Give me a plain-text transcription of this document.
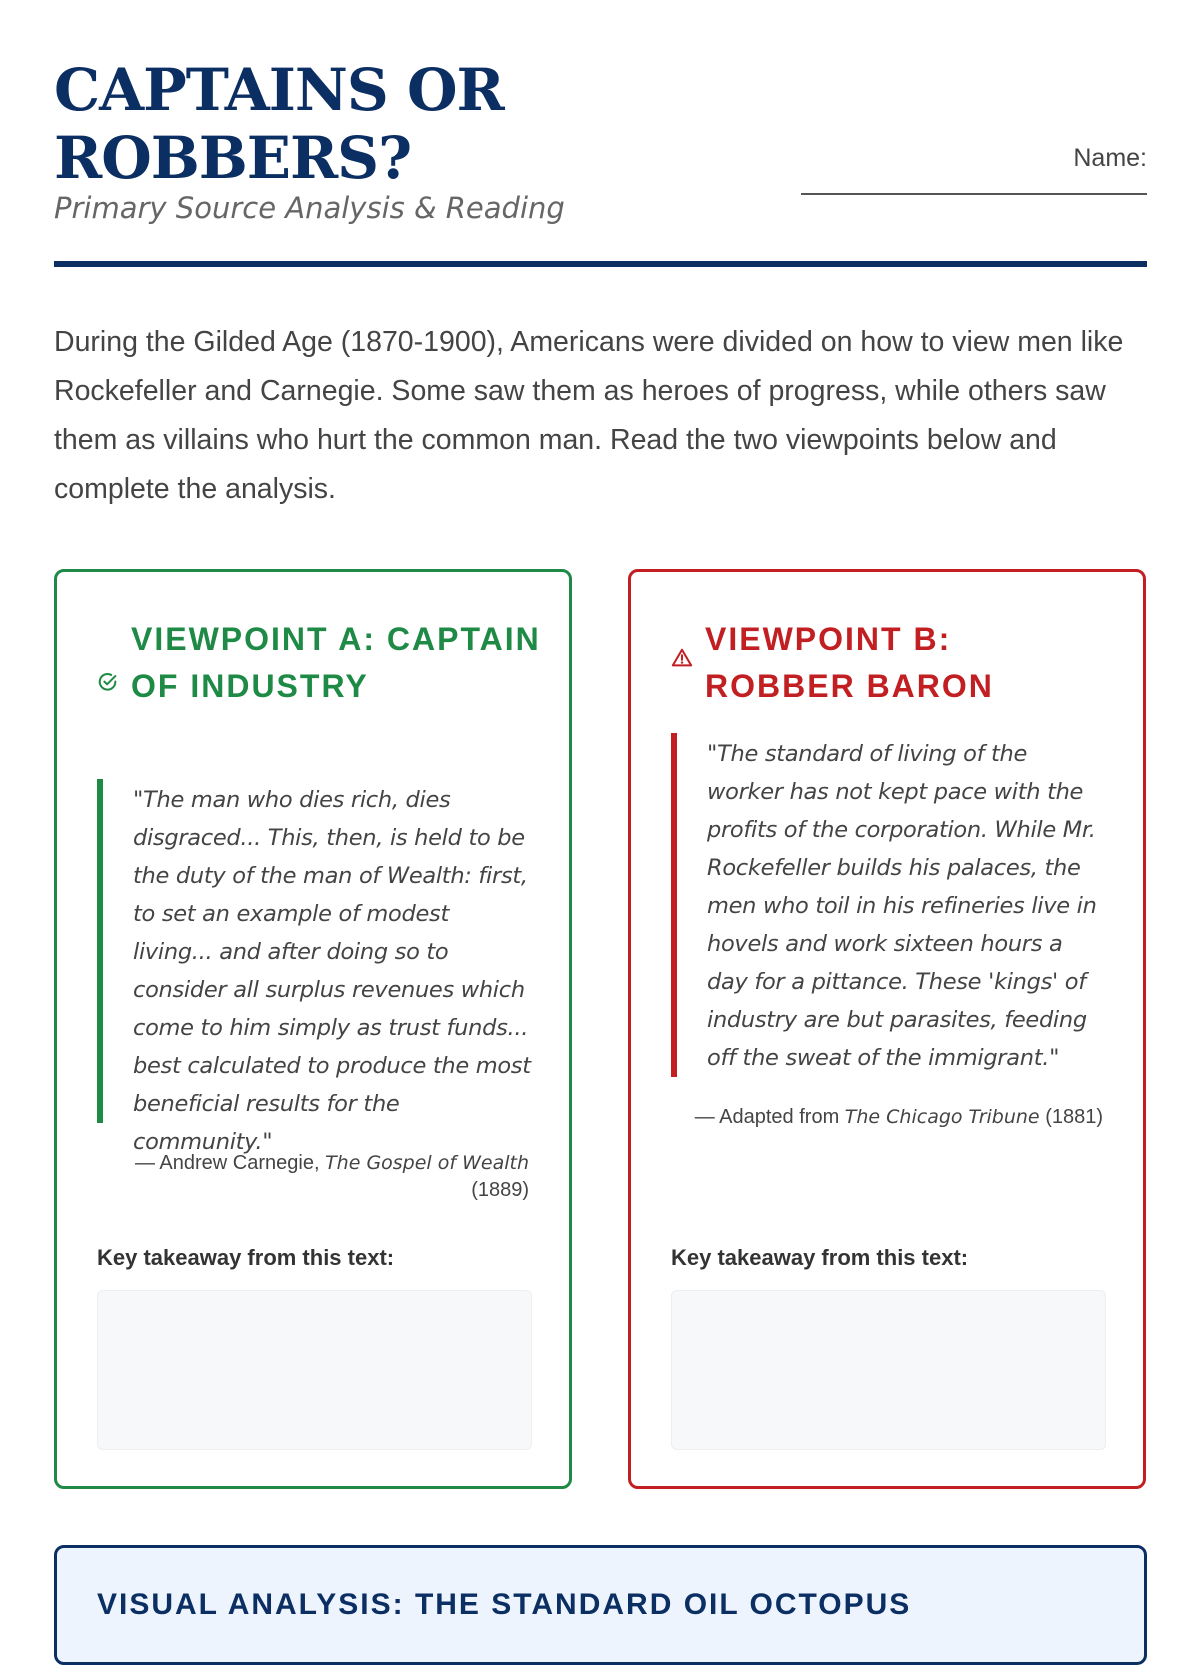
CAPTAINS OR ROBBERS?
Primary Source Analysis & Reading
Name:

During the Gilded Age (1870-1900), Americans were divided on how to view men like Rockefeller and Carnegie. Some saw them as heroes of progress, while others saw them as villains who hurt the common man. Read the two viewpoints below and complete the analysis.

VIEWPOINT A: CAPTAIN OF INDUSTRY
"The man who dies rich, dies disgraced... This, then, is held to be the duty of the man of Wealth: first, to set an example of modest living... and after doing so to consider all surplus revenues which come to him simply as trust funds... best calculated to produce the most beneficial results for the community."
— Andrew Carnegie, The Gospel of Wealth
(1889)
Key takeaway from this text:
VIEWPOINT B: ROBBER BARON
"The standard of living of the worker has not kept pace with the profits of the corporation. While Mr. Rockefeller builds his palaces, the men who toil in his refineries live in hovels and work sixteen hours a day for a pittance. These 'kings' of industry are but parasites, feeding off the sweat of the immigrant."
— Adapted from The Chicago Tribune (1881)
Key takeaway from this text:
VISUAL ANALYSIS: THE STANDARD OIL OCTOPUS
